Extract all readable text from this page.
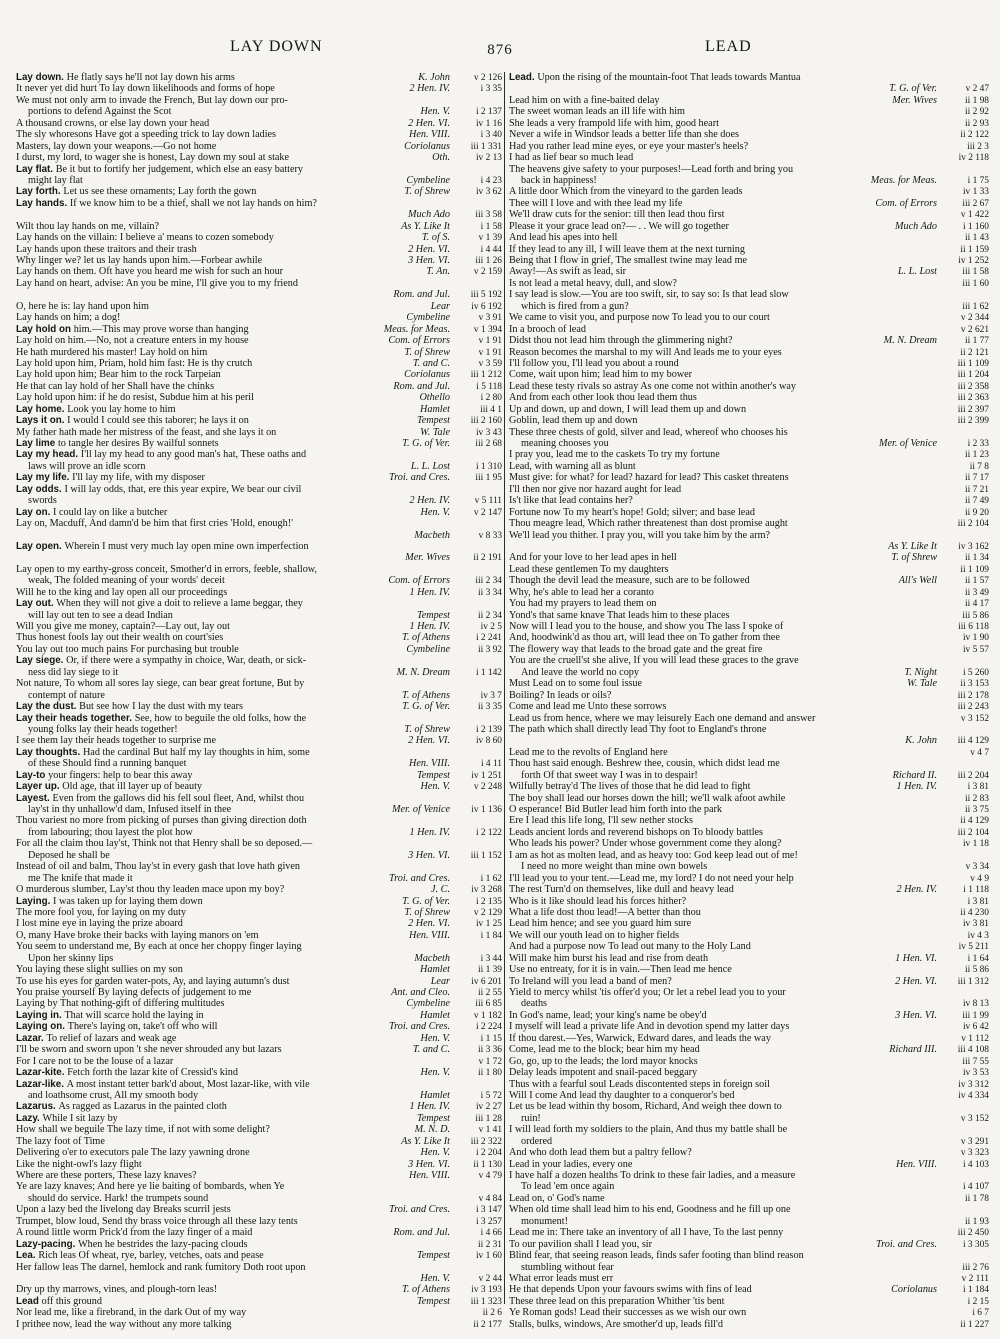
LAY DOWN	876	LEAD
Lay down. He flatly says he'll not lay down his arms	K. John	v 2 126
It never yet did hurt To lay down likelihoods and forms of hope	2 Hen. IV.	i 3 35
We must not only arm to invade the French, But lay down our pro-
portions to defend Against the Scot	Hen. V.	i 2 137
A thousand crowns, or else lay down your head	2 Hen. VI.	iv 1 16
The sly whoresons Have got a speeding trick to lay down ladies	Hen. VIII.	i 3 40
Masters, lay down your weapons.—Go not home	Coriolanus	iii 1 331
I durst, my lord, to wager she is honest, Lay down my soul at stake	Oth.	iv 2 13
Lay flat. Be it but to fortify her judgement, which else an easy battery
might lay flat	Cymbeline	i 4 23
Lay forth. Let us see these ornaments; Lay forth the gown	T. of Shrew	iv 3 62
Lay hands. If we know him to be a thief, shall we not lay hands on him?
Much Ado	iii 3 58
Wilt thou lay hands on me, villain?	As Y. Like It	i 1 58
Lay hands on the villain: I believe a' means to cozen somebody	T. of S.	v 1 39
Lay hands upon these traitors and their trash	2 Hen. VI.	i 4 44
Why linger we? let us lay hands upon him.—Forbear awhile	3 Hen. VI.	iii 1 26
Lay hands on them. Oft have you heard me wish for such an hour	T. An.	v 2 159
Lay hand on heart, advise: An you be mine, I'll give you to my friend
Rom. and Jul.	iii 5 192
O, here he is: lay hand upon him	Lear	iv 6 192
Lay hands on him; a dog!	Cymbeline	v 3 91
Lay hold on him.—This may prove worse than hanging	Meas. for Meas.	v 1 394
Lay hold on him.—No, not a creature enters in my house	Com. of Errors	v 1 91
He hath murdered his master! Lay hold on him	T. of Shrew	v 1 91
Lay hold upon him, Priam, hold him fast: He is thy crutch	T. and C.	v 3 59
Lay hold upon him; Bear him to the rock Tarpeian	Coriolanus	iii 1 212
He that can lay hold of her Shall have the chinks	Rom. and Jul.	i 5 118
Lay hold upon him: if he do resist, Subdue him at his peril	Othello	i 2 80
Lay home. Look you lay home to him	Hamlet	iii 4 1
Lays it on. I would I could see this taborer; he lays it on	Tempest	iii 2 160
My father hath made her mistress of the feast, and she lays it on	W. Tale	iv 3 43
Lay lime to tangle her desires By wailful sonnets	T. G. of Ver.	iii 2 68
Lay my head. I'll lay my head to any good man's hat, These oaths and
laws will prove an idle scorn	L. L. Lost	i 1 310
Lay my life. I'll lay my life, with my disposer	Troi. and Cres.	iii 1 95
Lay odds. I will lay odds, that, ere this year expire, We bear our civil
swords	2 Hen. IV.	v 5 111
Lay on. I could lay on like a butcher	Hen. V.	v 2 147
Lay on, Macduff, And damn'd be him that first cries 'Hold, enough!'
Macbeth	v 8 33
Lay open. Wherein I must very much lay open mine own imperfection
Mer. Wives	ii 2 191
Lay open to my earthy-gross conceit, Smother'd in errors, feeble, shallow,
weak, The folded meaning of your words' deceit	Com. of Errors	iii 2 34
Will he to the king and lay open all our proceedings	1 Hen. IV.	ii 3 34
Lay out. When they will not give a doit to relieve a lame beggar, they
will lay out ten to see a dead Indian	Tempest	ii 2 34
Will you give me money, captain?—Lay out, lay out	1 Hen. IV.	iv 2 5
Thus honest fools lay out their wealth on court'sies	T. of Athens	i 2 241
You lay out too much pains For purchasing but trouble	Cymbeline	ii 3 92
Lay siege. Or, if there were a sympathy in choice, War, death, or sick-
ness did lay siege to it	M. N. Dream	i 1 142
Not nature, To whom all sores lay siege, can bear great fortune, But by
contempt of nature	T. of Athens	iv 3 7
Lay the dust. But see how I lay the dust with my tears	T. G. of Ver.	ii 3 35
Lay their heads together. See, how to beguile the old folks, how the
young folks lay their heads together!	T. of Shrew	i 2 139
I see them lay their heads together to surprise me	2 Hen. VI.	iv 8 60
Lay thoughts. Had the cardinal But half my lay thoughts in him, some
of these Should find a running banquet	Hen. VIII.	i 4 11
Lay-to your fingers: help to bear this away	Tempest	iv 1 251
Layer up. Old age, that ill layer up of beauty	Hen. V.	v 2 248
Layest. Even from the gallows did his fell soul fleet, And, whilst thou
lay'st in thy unhallow'd dam, Infused itself in thee	Mer. of Venice	iv 1 136
Thou variest no more from picking of purses than giving direction doth
from labouring; thou layest the plot how	1 Hen. IV.	i 2 122
For all the claim thou lay'st, Think not that Henry shall be so deposed.—
Deposed he shall be	3 Hen. VI.	iii 1 152
Instead of oil and balm, Thou lay'st in every gash that love hath given
me The knife that made it	Troi. and Cres.	i 1 62
O murderous slumber, Lay'st thou thy leaden mace upon my boy?	J. C.	iv 3 268
Laying. I was taken up for laying them down	T. G. of Ver.	i 2 135
The more fool you, for laying on my duty	T. of Shrew	v 2 129
I lost mine eye in laying the prize aboard	2 Hen. VI.	iv 1 25
O, many Have broke their backs with laying manors on 'em	Hen. VIII.	i 1 84
You seem to understand me, By each at once her choppy finger laying
Upon her skinny lips	Macbeth	i 3 44
You laying these slight sullies on my son	Hamlet	ii 1 39
To use his eyes for garden water-pots, Ay, and laying autumn's dust	Lear	iv 6 201
You praise yourself By laying defects of judgement to me	Ant. and Cleo.	ii 2 55
Laying by That nothing-gift of differing multitudes	Cymbeline	iii 6 85
Laying in. That will scarce hold the laying in	Hamlet	v 1 182
Laying on. There's laying on, take't off who will	Troi. and Cres.	i 2 224
Lazar. To relief of lazars and weak age	Hen. V.	i 1 15
I'll be sworn and sworn upon 't she never shrouded any but lazars	T. and C.	ii 3 36
For I care not to be the louse of a lazar	v 1 72
Lazar-kite. Fetch forth the lazar kite of Cressid's kind	Hen. V.	ii 1 80
Lazar-like. A most instant tetter bark'd about, Most lazar-like, with vile
and loathsome crust, All my smooth body	Hamlet	i 5 72
Lazarus. As ragged as Lazarus in the painted cloth	1 Hen. IV.	iv 2 27
Lazy. While I sit lazy by	Tempest	iii 1 28
How shall we beguile The lazy time, if not with some delight?	M. N. D.	v 1 41
The lazy foot of Time	As Y. Like It	iii 2 322
Delivering o'er to executors pale The lazy yawning drone	Hen. V.	i 2 204
Like the night-owl's lazy flight	3 Hen. VI.	ii 1 130
Where are these porters, These lazy knaves?	Hen. VIII.	v 4 79
Ye are lazy knaves; And here ye lie baiting of bombards, when Ye
should do service. Hark! the trumpets sound	v 4 84
Upon a lazy bed the livelong day Breaks scurril jests	Troi. and Cres.	i 3 147
Trumpet, blow loud, Send thy brass voice through all these lazy tents	i 3 257
A round little worm Prick'd from the lazy finger of a maid	Rom. and Jul.	i 4 66
Lazy-pacing. When he bestrides the lazy-pacing clouds	ii 2 31
Lea. Rich leas Of wheat, rye, barley, vetches, oats and pease	Tempest	iv 1 60
Her fallow leas The darnel, hemlock and rank fumitory Doth root upon
Hen. V.	v 2 44
Dry up thy marrows, vines, and plough-torn leas!	T. of Athens	iv 3 193
Lead off this ground	Tempest	iii 1 323
Nor lead me, like a firebrand, in the dark Out of my way	ii 2 6
I prithee now, lead the way without any more talking	ii 2 177
Lead. Upon the rising of the mountain-foot That leads towards Mantua
T. G. of Ver.	v 2 47
Lead him on with a fine-baited delay	Mer. Wives	ii 1 98
The sweet woman leads an ill life with him	ii 2 92
She leads a very frampold life with him, good heart	ii 2 93
Never a wife in Windsor leads a better life than she does	ii 2 122
Had you rather lead mine eyes, or eye your master's heels?	iii 2 3
I had as lief bear so much lead	iv 2 118
The heavens give safety to your purposes!—Lead forth and bring you
back in happiness!	Meas. for Meas.	i 1 75
A little door Which from the vineyard to the garden leads	iv 1 33
Thee will I love and with thee lead my life	Com. of Errors	iii 2 67
We'll draw cuts for the senior: till then lead thou first	v 1 422
Please it your grace lead on?— . . We will go together	Much Ado	i 1 160
And lead his apes into hell	ii 1 43
If they lead to any ill, I will leave them at the next turning	ii 1 159
Being that I flow in grief, The smallest twine may lead me	iv 1 252
Away!—As swift as lead, sir	L. L. Lost	iii 1 58
Is not lead a metal heavy, dull, and slow?	iii 1 60
I say lead is slow.—You are too swift, sir, to say so: Is that lead slow
which is fired from a gun?	iii 1 62
We came to visit you, and purpose now To lead you to our court	v 2 344
In a brooch of lead	v 2 621
Didst thou not lead him through the glimmering night?	M. N. Dream	ii 1 77
Reason becomes the marshal to my will And leads me to your eyes	ii 2 121
I'll follow you, I'll lead you about a round	iii 1 109
Come, wait upon him; lead him to my bower	iii 1 204
Lead these testy rivals so astray As one come not within another's way	iii 2 358
And from each other look thou lead them thus	iii 2 363
Up and down, up and down, I will lead them up and down	iii 2 397
Goblin, lead them up and down	iii 2 399
These three chests of gold, silver and lead, whereof who chooses his
meaning chooses you	Mer. of Venice	i 2 33
I pray you, lead me to the caskets To try my fortune	ii 1 23
Lead, with warning all as blunt	ii 7 8
Must give: for what? for lead? hazard for lead? This casket threatens	ii 7 17
I'll then nor give nor hazard aught for lead	ii 7 21
Is't like that lead contains her?	ii 7 49
Fortune now To my heart's hope! Gold; silver; and base lead	ii 9 20
Thou meagre lead, Which rather threatenest than dost promise aught	iii 2 104
We'll lead you thither. I pray you, will you take him by the arm?
As Y. Like It	iv 3 162
And for your love to her lead apes in hell	T. of Shrew	ii 1 34
Lead these gentlemen To my daughters	ii 1 109
Though the devil lead the measure, such are to be followed	All's Well	ii 1 57
Why, he's able to lead her a coranto	ii 3 49
You had my prayers to lead them on	ii 4 17
Yond's that same knave That leads him to these places	iii 5 86
Now will I lead you to the house, and show you The lass I spoke of	iii 6 118
And, hoodwink'd as thou art, will lead thee on To gather from thee	iv 1 90
The flowery way that leads to the broad gate and the great fire	iv 5 57
You are the cruell'st she alive, If you will lead these graces to the grave
And leave the world no copy	T. Night	i 5 260
Must Lead on to some foul issue	W. Tale	ii 3 153
Boiling? In leads or oils?	iii 2 178
Come and lead me Unto these sorrows	iii 2 243
Lead us from hence, where we may leisurely Each one demand and answer	v 3 152
The path which shall directly lead Thy foot to England's throne
K. John	iii 4 129
Lead me to the revolts of England here	v 4 7
Thou hast said enough. Beshrew thee, cousin, which didst lead me
forth Of that sweet way I was in to despair!	Richard II.	iii 2 204
Wilfully betray'd The lives of those that he did lead to fight	1 Hen. IV.	i 3 81
The boy shall lead our horses down the hill; we'll walk afoot awhile	ii 2 83
O esperance! Bid Butler lead him forth into the park	ii 3 75
Ere I lead this life long, I'll sew nether stocks	ii 4 129
Leads ancient lords and reverend bishops on To bloody battles	iii 2 104
Who leads his power? Under whose government come they along?	iv 1 18
I am as hot as molten lead, and as heavy too: God keep lead out of me!
I need no more weight than mine own bowels	v 3 34
I'll lead you to your tent.—Lead me, my lord? I do not need your help	v 4 9
The rest Turn'd on themselves, like dull and heavy lead	2 Hen. IV.	i 1 118
Who is it like should lead his forces hither?	i 3 81
What a life dost thou lead!—A better than thou	ii 4 230
Lead him hence; and see you guard him sure	iv 3 81
We will our youth lead on to higher fields	iv 4 3
And had a purpose now To lead out many to the Holy Land	iv 5 211
Will make him burst his lead and rise from death	1 Hen. VI.	i 1 64
Use no entreaty, for it is in vain.—Then lead me hence	ii 5 86
To Ireland will you lead a band of men?	2 Hen. VI.	iii 1 312
Yield to mercy whilst 'tis offer'd you; Or let a rebel lead you to your
deaths	iv 8 13
In God's name, lead; your king's name be obey'd	3 Hen. VI.	iii 1 99
I myself will lead a private life And in devotion spend my latter days	iv 6 42
If thou darest.—Yes, Warwick, Edward dares, and leads the way	v 1 112
Come, lead me to the block; bear him my head	Richard III.	iii 4 108
Go, go, up to the leads; the lord mayor knocks	iii 7 55
Delay leads impotent and snail-paced beggary	iv 3 53
Thus with a fearful soul Leads discontented steps in foreign soil	iv 3 312
Will I come And lead thy daughter to a conqueror's bed	iv 4 334
Let us be lead within thy bosom, Richard, And weigh thee down to
ruin!	v 3 152
I will lead forth my soldiers to the plain, And thus my battle shall be
ordered	v 3 291
And who doth lead them but a paltry fellow?	v 3 323
Lead in your ladies, every one	Hen. VIII.	i 4 103
I have half a dozen healths To drink to these fair ladies, and a measure
To lead 'em once again	i 4 107
Lead on, o' God's name	ii 1 78
When old time shall lead him to his end, Goodness and he fill up one
monument!	ii 1 93
Lead me in: There take an inventory of all I have, To the last penny	iii 2 450
To our pavilion shall I lead you, sir	Troi. and Cres.	i 3 305
Blind fear, that seeing reason leads, finds safer footing than blind reason
stumbling without fear	iii 2 76
What error leads must err	v 2 111
He that depends Upon your favours swims with fins of lead	Coriolanus	i 1 184
These three lead on this preparation Whither 'tis bent	i 2 15
Ye Roman gods! Lead their successes as we wish our own	i 6 7
Stalls, bulks, windows, Are smother'd up, leads fill'd	ii 1 227
